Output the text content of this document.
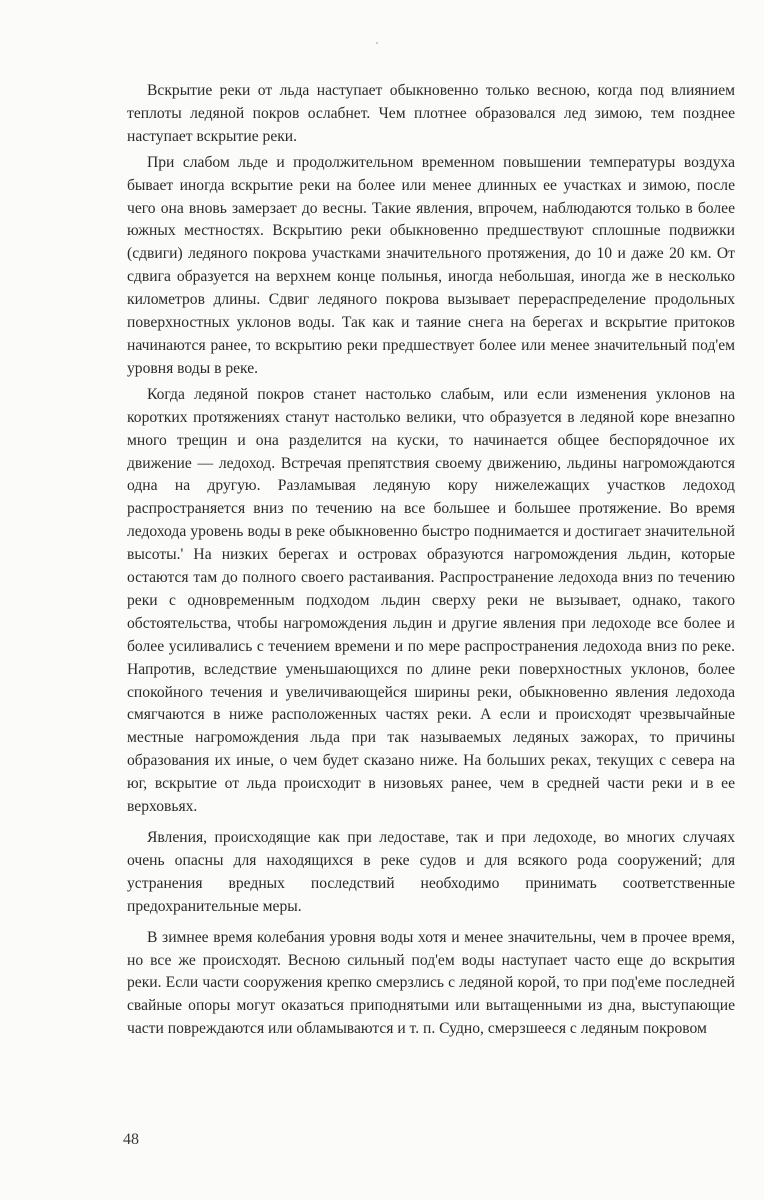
Вскрытие реки от льда наступает обыкновенно только весною, когда под влиянием теплоты ледяной покров ослабнет. Чем плотнее образовался лед зимою, тем позднее наступает вскрытие реки.

При слабом льде и продолжительном временном повышении температуры воздуха бывает иногда вскрытие реки на более или менее длинных ее участках и зимою, после чего она вновь замерзает до весны. Такие явления, впрочем, наблюдаются только в более южных местностях. Вскрытию реки обыкновенно предшествуют сплошные подвижки (сдвиги) ледяного покрова участками значительного протяжения, до 10 и даже 20 км. От сдвига образуется на верхнем конце полынья, иногда небольшая, иногда же в несколько километров длины. Сдвиг ледяного покрова вызывает перераспределение продольных поверхностных уклонов воды. Так как и таяние снега на берегах и вскрытие притоков начинаются ранее, то вскрытию реки предшествует более или менее значительный под'ем уровня воды в реке.

Когда ледяной покров станет настолько слабым, или если изменения уклонов на коротких протяжениях станут настолько велики, что образуется в ледяной коре внезапно много трещин и она разделится на куски, то начинается общее беспорядочное их движение — ледоход. Встречая препятствия своему движению, льдины нагромождаются одна на другую. Разламывая ледяную кору нижележащих участков ледоход распространяется вниз по течению на все большее и большее протяжение. Во время ледохода уровень воды в реке обыкновенно быстро поднимается и достигает значительной высоты.' На низких берегах и островах образуются нагромождения льдин, которые остаются там до полного своего растаивания. Распространение ледохода вниз по течению реки с одновременным подходом льдин сверху реки не вызывает, однако, такого обстоятельства, чтобы нагромождения льдин и другие явления при ледоходе все более и более усиливались с течением времени и по мере распространения ледохода вниз по реке. Напротив, вследствие уменьшающихся по длине реки поверхностных уклонов, более спокойного течения и увеличивающейся ширины реки, обыкновенно явления ледохода смягчаются в ниже расположенных частях реки. А если и происходят чрезвычайные местные нагромождения льда при так называемых ледяных зажорах, то причины образования их иные, о чем будет сказано ниже. На больших реках, текущих с севера на юг, вскрытие от льда происходит в низовьях ранее, чем в средней части реки и в ее верховьях.

Явления, происходящие как при ледоставе, так и при ледоходе, во многих случаях очень опасны для находящихся в реке судов и для всякого рода сооружений; для устранения вредных последствий необходимо принимать соответственные предохранительные меры.

В зимнее время колебания уровня воды хотя и менее значительны, чем в прочее время, но все же происходят. Весною сильный под'ем воды наступает часто еще до вскрытия реки. Если части сооружения крепко смерзлись с ледяной корой, то при под'еме последней свайные опоры могут оказаться приподнятыми или вытащенными из дна, выступающие части повреждаются или обламываются и т. п. Судно, смерзшееся с ледяным покровом

48
